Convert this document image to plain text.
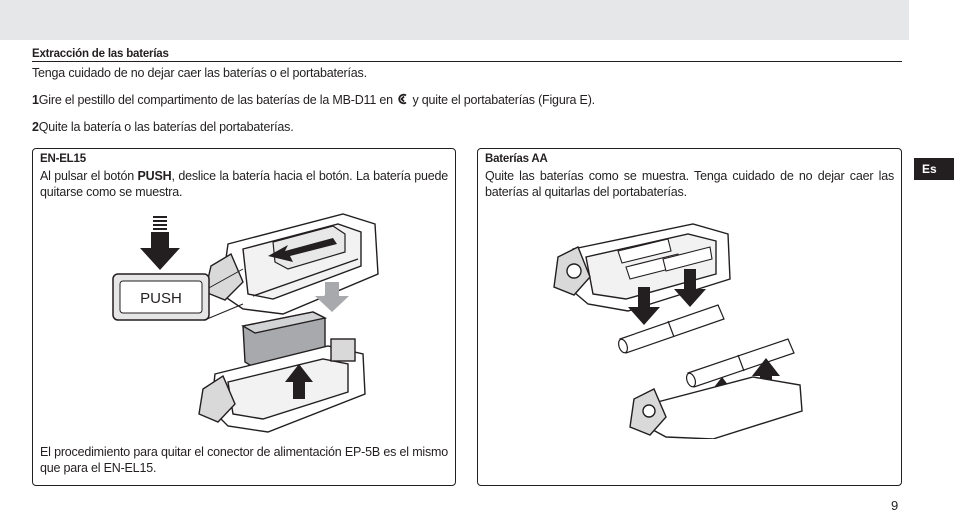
Extracción de las baterías
Tenga cuidado de no dejar caer las baterías o el portabaterías.
1Gire el pestillo del compartimento de las baterías de la MB-D11 en y quite el portabaterías (Figura E).
2Quite la batería o las baterías del portabaterías.
EN-EL15
Al pulsar el botón PUSH, deslice la batería hacia el botón. La batería puede quitarse como se muestra.
PUSH
El procedimiento para quitar el conector de alimentación EP-5B es el mismo que para el EN-EL15.
Baterías AA
Quite las baterías como se muestra. Tenga cuidado de no dejar caer las baterías al quitarlas del portabaterías.
Es
9
